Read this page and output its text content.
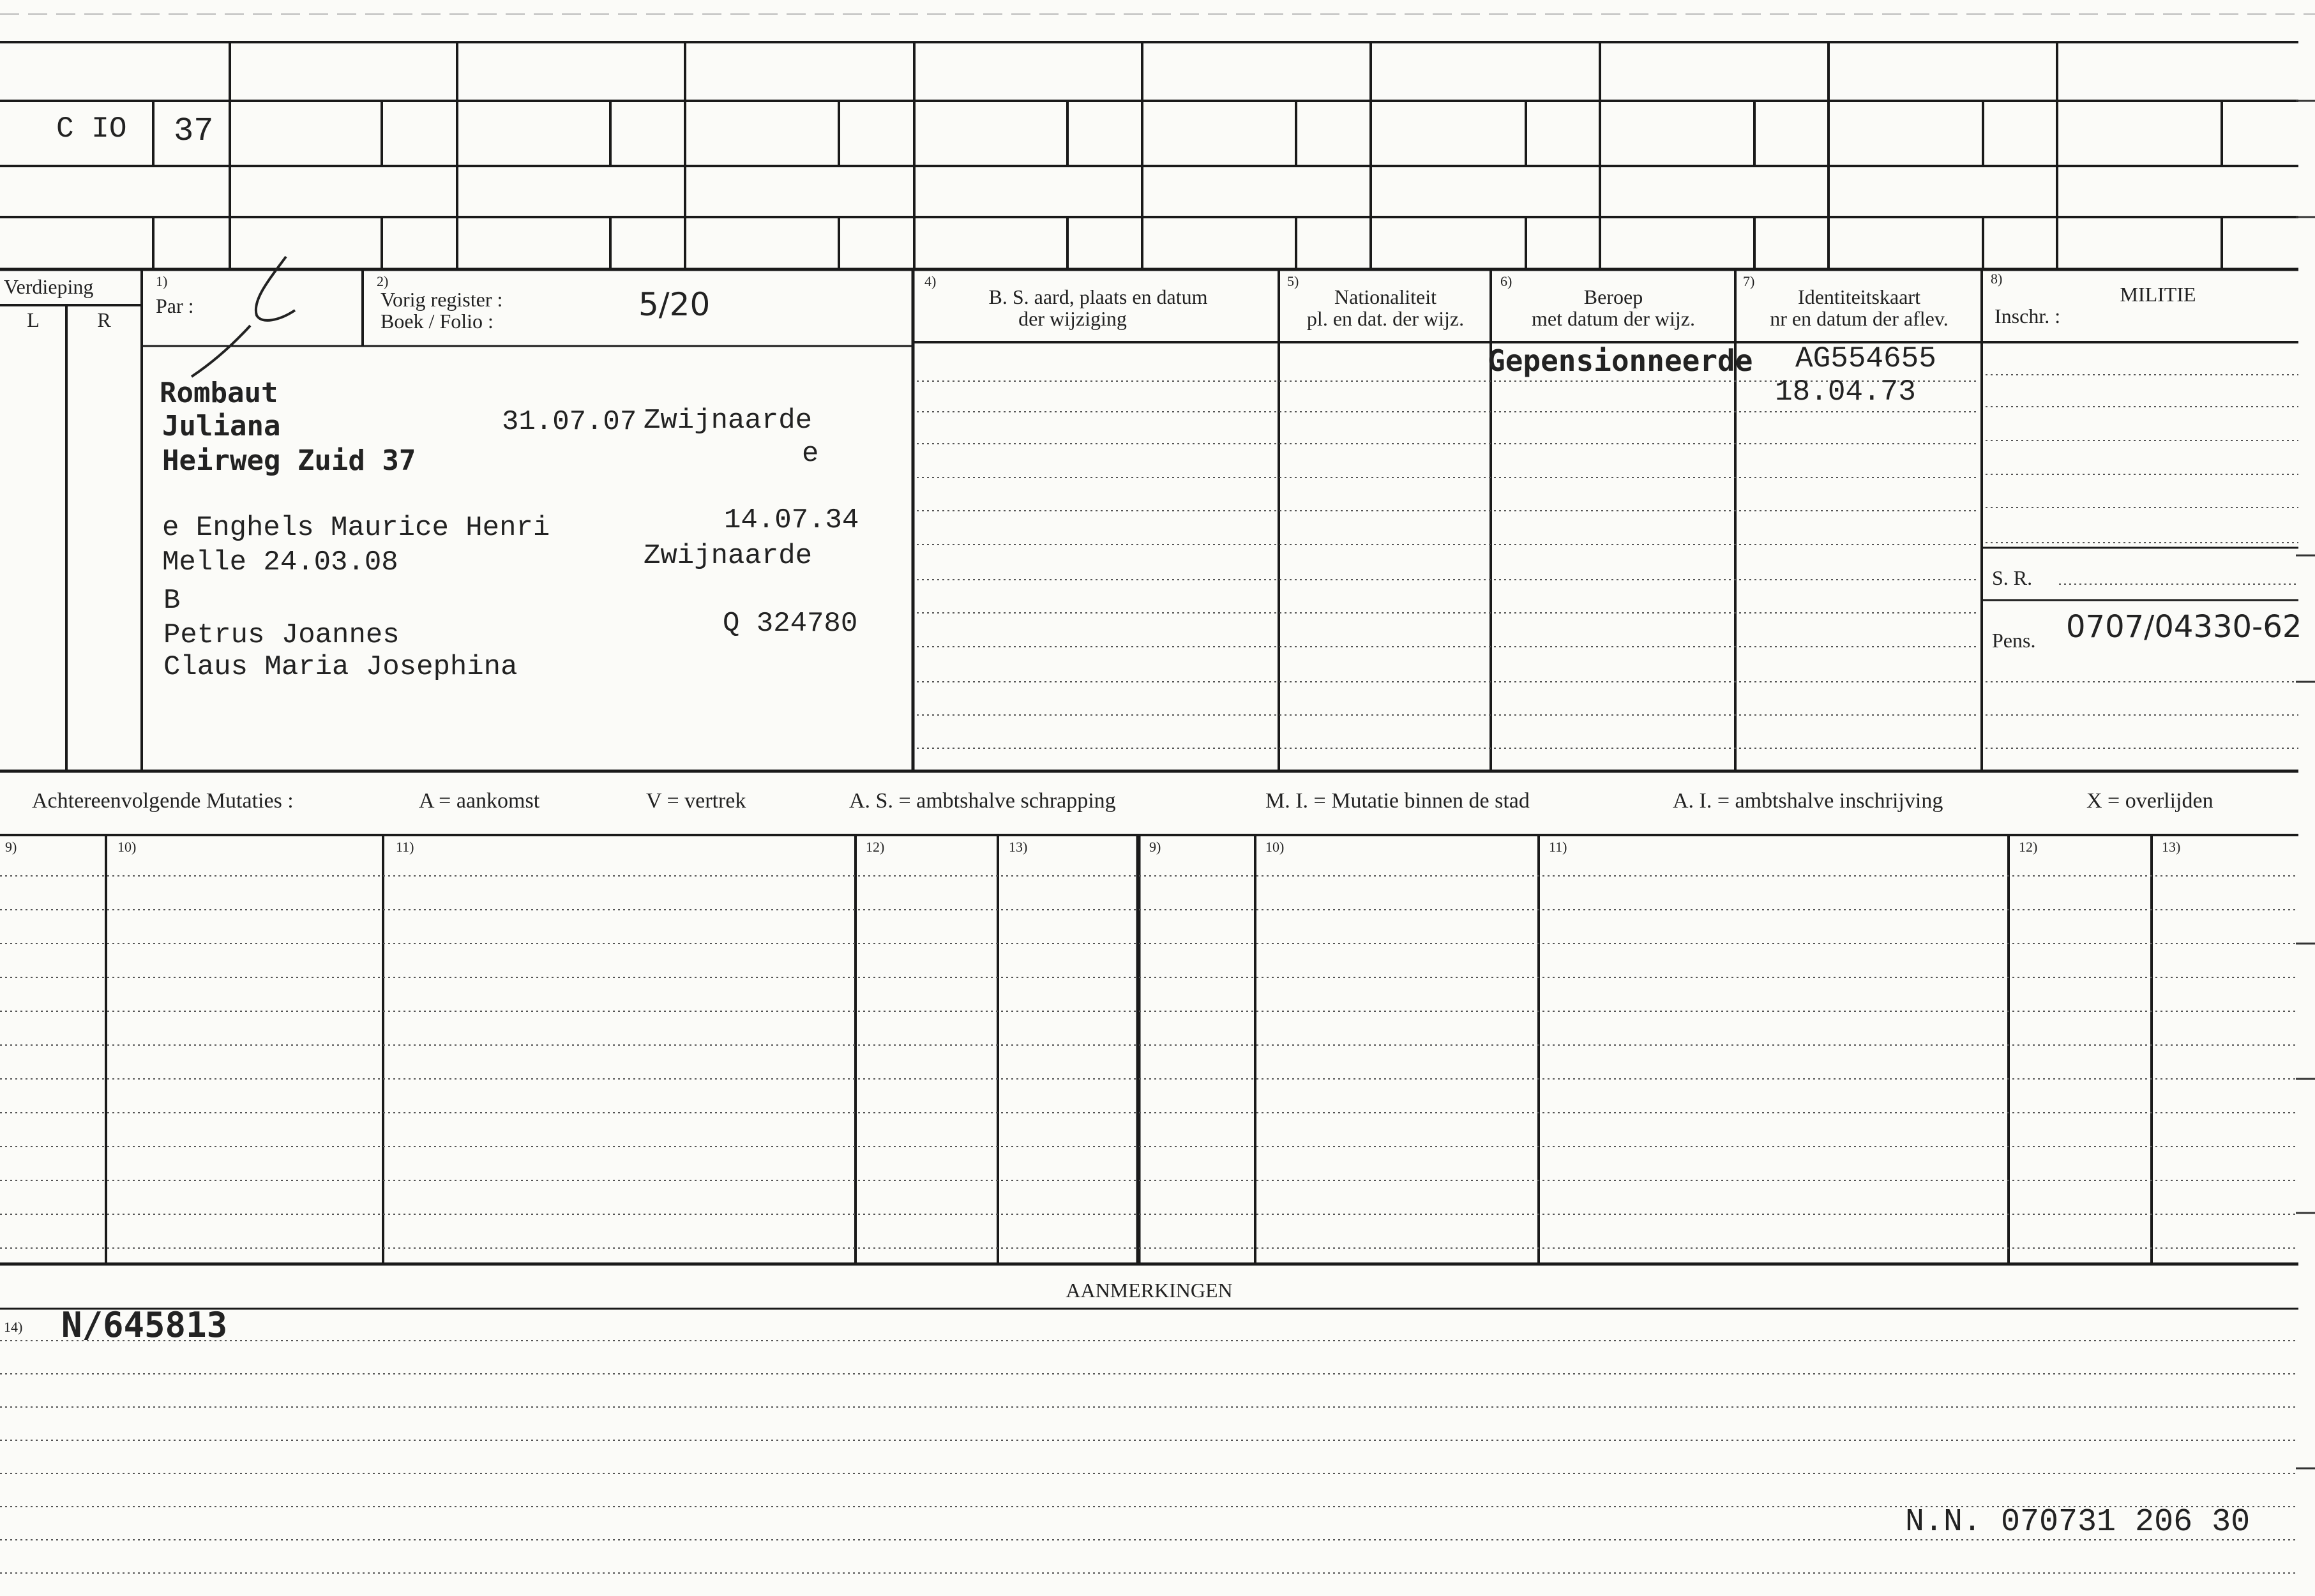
C IO 37
Verdieping
L	R
1)
Par :
2)
Vorig register :
Boek / Folio :	5/20
4)
B. S. aard, plaats en datum
der wijziging
5)
Nationaliteit
pl. en dat. der wijz.
6)
Beroep
met datum der wijz.
7)
Identiteitskaart
nr en datum der aflev.
8)
MILITIE
Inschr. :
Rombaut
Juliana	31.07.07 Zwijnaarde
e
Heirweg Zuid 37
e Enghels Maurice Henri	14.07.34
Melle 24.03.08	Zwijnaarde
B
Petrus Joannes	Q 324780
Claus Maria Josephina
Gepensionneerde AG554655
18.04.73
S. R.
Pens. 0707/04330-62
Achtereenvolgende Mutaties :	A = aankomst	V = vertrek	A. S. = ambtshalve schrapping	M. I. = Mutatie binnen de stad	A. I. = ambtshalve inschrijving	X = overlijden
9)	10)	11)	12)	13)	9)	10)	11)	12)	13)
AANMERKINGEN
14) N/645813
N.N. 070731 206 30
